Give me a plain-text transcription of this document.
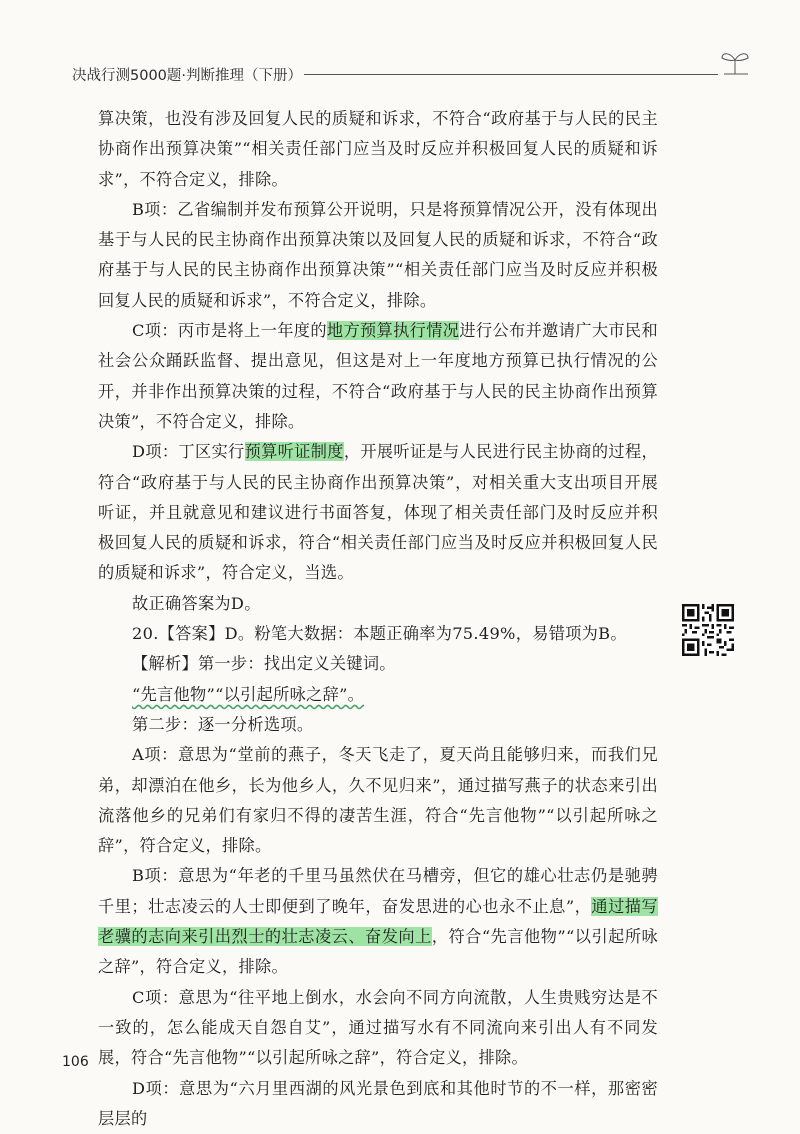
决战行测5000题·判断推理（下册）

算决策，也没有涉及回复人民的质疑和诉求，不符合“政府基于与人民的民主协商作出预算决策”“相关责任部门应当及时反应并积极回复人民的质疑和诉求”，不符合定义，排除。

B项：乙省编制并发布预算公开说明，只是将预算情况公开，没有体现出基于与人民的民主协商作出预算决策以及回复人民的质疑和诉求，不符合“政府基于与人民的民主协商作出预算决策”“相关责任部门应当及时反应并积极回复人民的质疑和诉求”，不符合定义，排除。

C项：丙市是将上一年度的地方预算执行情况进行公布并邀请广大市民和社会公众踊跃监督、提出意见，但这是对上一年度地方预算已执行情况的公开，并非作出预算决策的过程，不符合“政府基于与人民的民主协商作出预算决策”，不符合定义，排除。

D项：丁区实行预算听证制度，开展听证是与人民进行民主协商的过程，符合“政府基于与人民的民主协商作出预算决策”，对相关重大支出项目开展听证，并且就意见和建议进行书面答复，体现了相关责任部门及时反应并积极回复人民的质疑和诉求，符合“相关责任部门应当及时反应并积极回复人民的质疑和诉求”，符合定义，当选。

故正确答案为D。

20.【答案】D。粉笔大数据：本题正确率为75.49%，易错项为B。

【解析】第一步：找出定义关键词。

“先言他物”“以引起所咏之辞”。

第二步：逐一分析选项。

A项：意思为“堂前的燕子，冬天飞走了，夏天尚且能够归来，而我们兄弟，却漂泊在他乡，长为他乡人，久不见归来”，通过描写燕子的状态来引出流落他乡的兄弟们有家归不得的凄苦生涯，符合“先言他物”“以引起所咏之辞”，符合定义，排除。

B项：意思为“年老的千里马虽然伏在马槽旁，但它的雄心壮志仍是驰骋千里；壮志凌云的人士即便到了晚年，奋发思进的心也永不止息”，通过描写老骥的志向来引出烈士的壮志凌云、奋发向上，符合“先言他物”“以引起所咏之辞”，符合定义，排除。

C项：意思为“往平地上倒水，水会向不同方向流散，人生贵贱穷达是不一致的，怎么能成天自怨自艾”，通过描写水有不同流向来引出人有不同发展，符合“先言他物”“以引起所咏之辞”，符合定义，排除。

D项：意思为“六月里西湖的风光景色到底和其他时节的不一样，那密密层层的

106
